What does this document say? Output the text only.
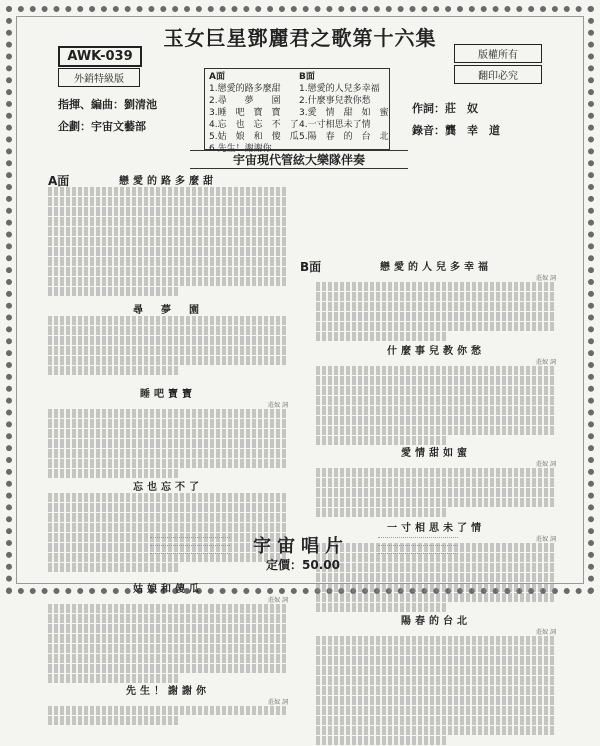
玉女巨星鄧麗君之歌第十六集
AWK-039
外銷特級版
版權所有
翻印必究
指揮、編曲：劉清池
企劃：宇宙文藝部
作詞：莊　奴
錄音：龔　幸　道
A面
1.戀愛的路多麼甜
2.尋　　夢　　園
3.睡　吧　寶　寶
4.忘　也　忘　不　了
5.姑　娘　和　傻　瓜
6.先生！謝謝你
B面
1.戀愛的人兒多幸福
2.什麼事兒教你愁
3.愛　情　甜　如　蜜
4.一寸相思未了情
5.陽　春　的　台　北
宇宙現代管絃大樂隊伴奏
A面
B面
戀愛的路多麼甜
尋　夢　園
睡吧寶寶
莊奴 詞
忘也忘不了
姑娘和傻瓜
莊奴 詞
先生！謝謝你
莊奴 詞
戀愛的人兒多幸福
莊奴 詞
什麼事兒教你愁
莊奴 詞
愛情甜如蜜
莊奴 詞
一寸相思未了情
莊奴 詞
陽春的台北
莊奴 詞
宇宙唱片
定價：50.00
